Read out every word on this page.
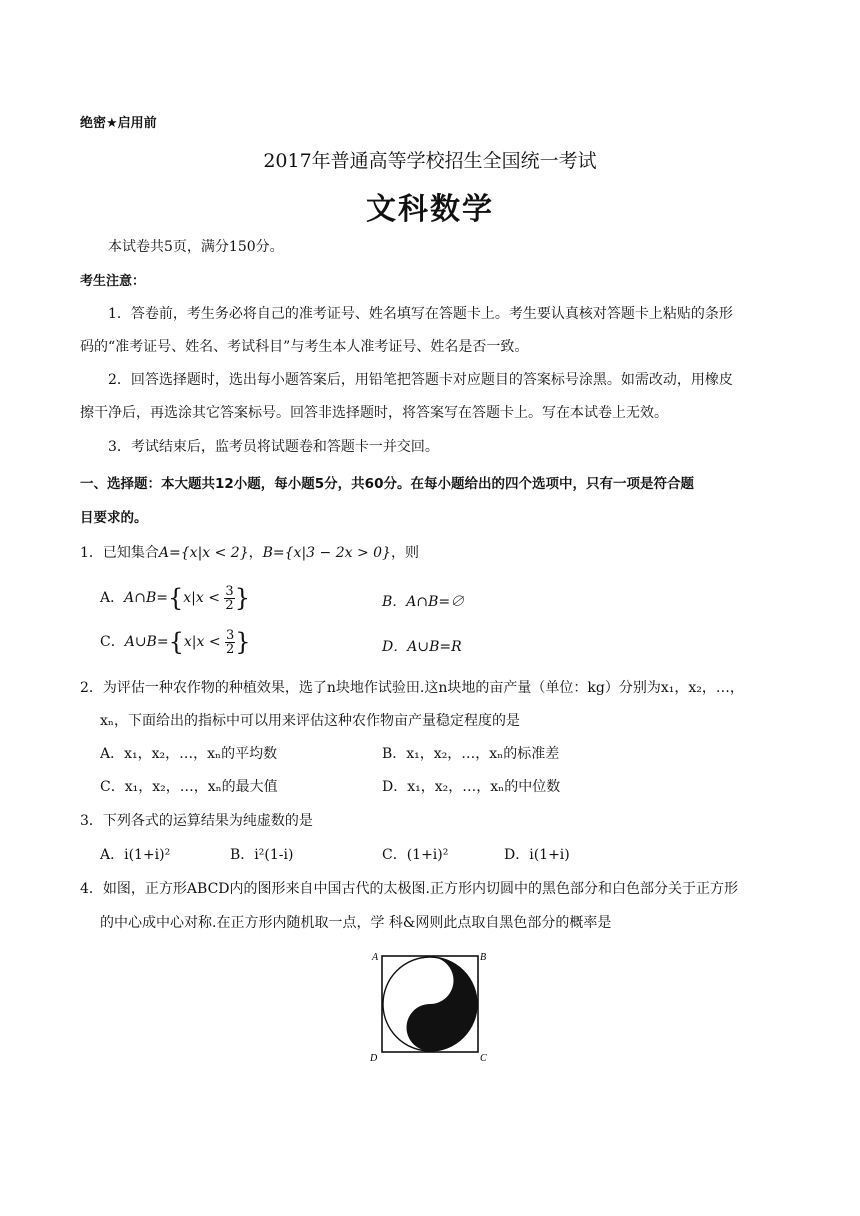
绝密★启用前
2017年普通高等学校招生全国统一考试
文科数学
本试卷共5页，满分150分。
考生注意：
1．答卷前，考生务必将自己的准考证号、姓名填写在答题卡上。考生要认真核对答题卡上粘贴的条形
码的“准考证号、姓名、考试科目”与考生本人准考证号、姓名是否一致。
2．回答选择题时，选出每小题答案后，用铅笔把答题卡对应题目的答案标号涂黑。如需改动，用橡皮
擦干净后，再选涂其它答案标号。回答非选择题时，将答案写在答题卡上。写在本试卷上无效。
3．考试结束后，监考员将试题卷和答题卡一并交回。
一、选择题：本大题共12小题，每小题5分，共60分。在每小题给出的四个选项中，只有一项是符合题
目要求的。
1．已知集合A={x|x < 2}，B={x|3 − 2x > 0}，则
A．A∩B={x|x < $\frac{3}{2}$ }	B．A∩B=∅
C．A∪B={x|x < $\frac{3}{2}$ }	D．A∪B=R
2．为评估一种农作物的种植效果，选了n块地作试验田.这n块地的亩产量（单位：kg）分别为x₁，x₂，…，
xₙ，下面给出的指标中可以用来评估这种农作物亩产量稳定程度的是
A．x₁，x₂，…，xₙ的平均数	B．x₁，x₂，…，xₙ的标准差
C．x₁，x₂，…，xₙ的最大值	D．x₁，x₂，…，xₙ的中位数
3．下列各式的运算结果为纯虚数的是
A．i(1+i)²	B．i²(1-i)	C．(1+i)²	D．i(1+i)
4．如图，正方形ABCD内的图形来自中国古代的太极图.正方形内切圆中的黑色部分和白色部分关于正方形
的中心成中心对称.在正方形内随机取一点，学 科&网则此点取自黑色部分的概率是
A	B
C
D
